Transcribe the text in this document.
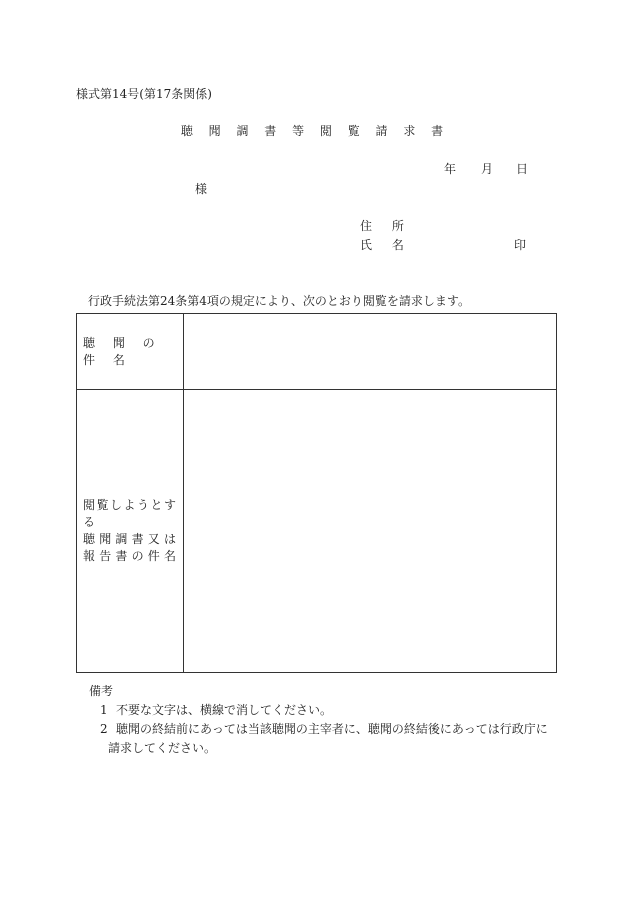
様式第14号(第17条関係)
聴 聞 調 書 等 閲 覧 請 求 書
年 月 日
様
住 所
氏 名	印
行政手続法第24条第4項の規定により、次のとおり閲覧を請求します。
聴 聞 の 件 名	

閲覧しようとする
聴 聞 調 書 又 は
報 告 書 の 件 名	

備考
1 不要な文字は、横線で消してください。
2 聴聞の終結前にあっては当該聴聞の主宰者に、聴聞の終結後にあっては行政庁に
請求してください。
